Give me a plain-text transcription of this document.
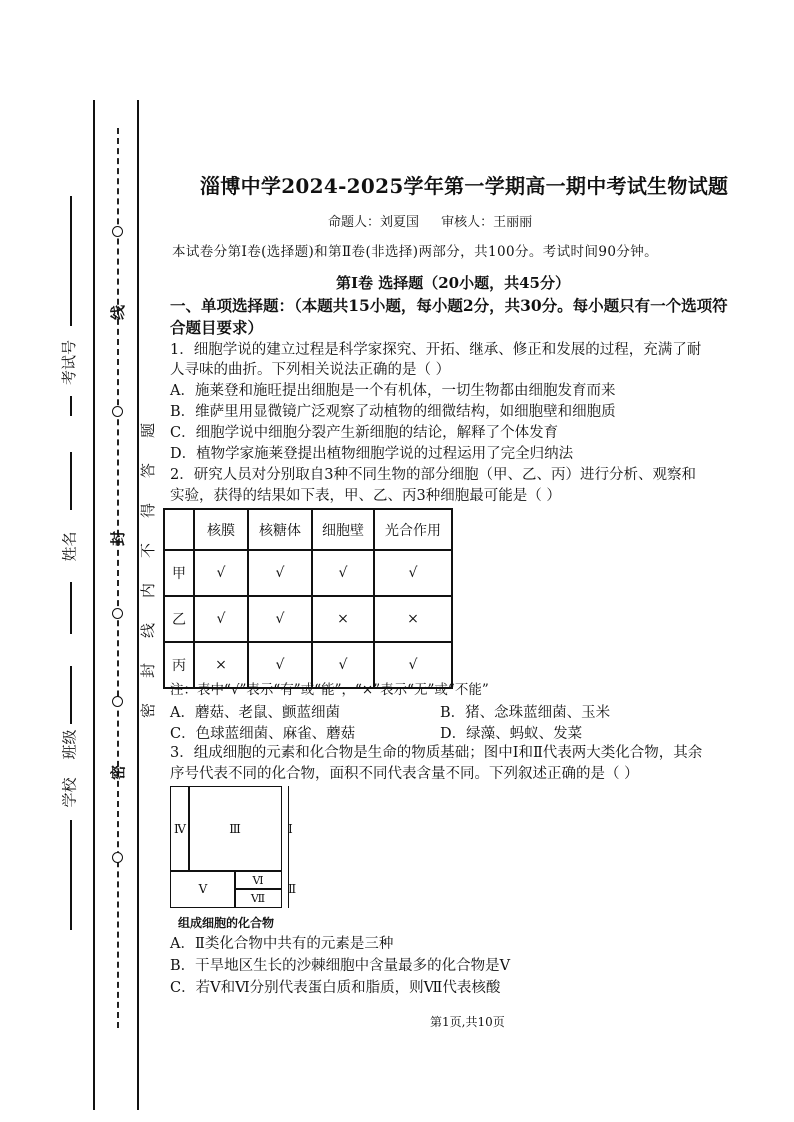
线
封
密
题
答
得
不
内
线
封
密
考试号
姓名
班级
学校
淄博中学2024-2025学年第一学期高一期中考试生物试题
命题人：刘夏国 审核人：王丽丽
本试卷分第Ⅰ卷(选择题)和第Ⅱ卷(非选择)两部分，共100分。考试时间90分钟。
第Ⅰ卷 选择题（20小题，共45分）
一、单项选择题：（本题共15小题，每小题2分，共30分。每小题只有一个选项符
合题目要求）
1．细胞学说的建立过程是科学家探究、开拓、继承、修正和发展的过程，充满了耐
人寻味的曲折。下列相关说法正确的是（ ）
A．施莱登和施旺提出细胞是一个有机体，一切生物都由细胞发育而来
B．维萨里用显微镜广泛观察了动植物的细微结构，如细胞壁和细胞质
C．细胞学说中细胞分裂产生新细胞的结论，解释了个体发育
D．植物学家施莱登提出植物细胞学说的过程运用了完全归纳法
2．研究人员对分别取自3种不同生物的部分细胞（甲、乙、丙）进行分析、观察和
实验，获得的结果如下表，甲、乙、丙3种细胞最可能是（ ）
	核膜	核糖体	细胞壁	光合作用
甲	√	√	√	√
乙	√	√	×	×
丙	×	√	√	√
注：表中“√”表示“有”或“能”，“×”表示“无”或“不能”
A．蘑菇、老鼠、颤蓝细菌	B．猪、念珠蓝细菌、玉米
C．色球蓝细菌、麻雀、蘑菇	D．绿藻、蚂蚁、发菜
3．组成细胞的元素和化合物是生命的物质基础；图中Ⅰ和Ⅱ代表两大类化合物，其余
序号代表不同的化合物，面积不同代表含量不同。下列叙述正确的是（ ）
Ⅳ	Ⅲ
Ⅴ
Ⅵ
Ⅶ
Ⅰ
Ⅱ
组成细胞的化合物
A．Ⅱ类化合物中共有的元素是三种
B．干旱地区生长的沙棘细胞中含量最多的化合物是Ⅴ
C．若Ⅴ和Ⅵ分别代表蛋白质和脂质，则Ⅶ代表核酸
第1页,共10页
